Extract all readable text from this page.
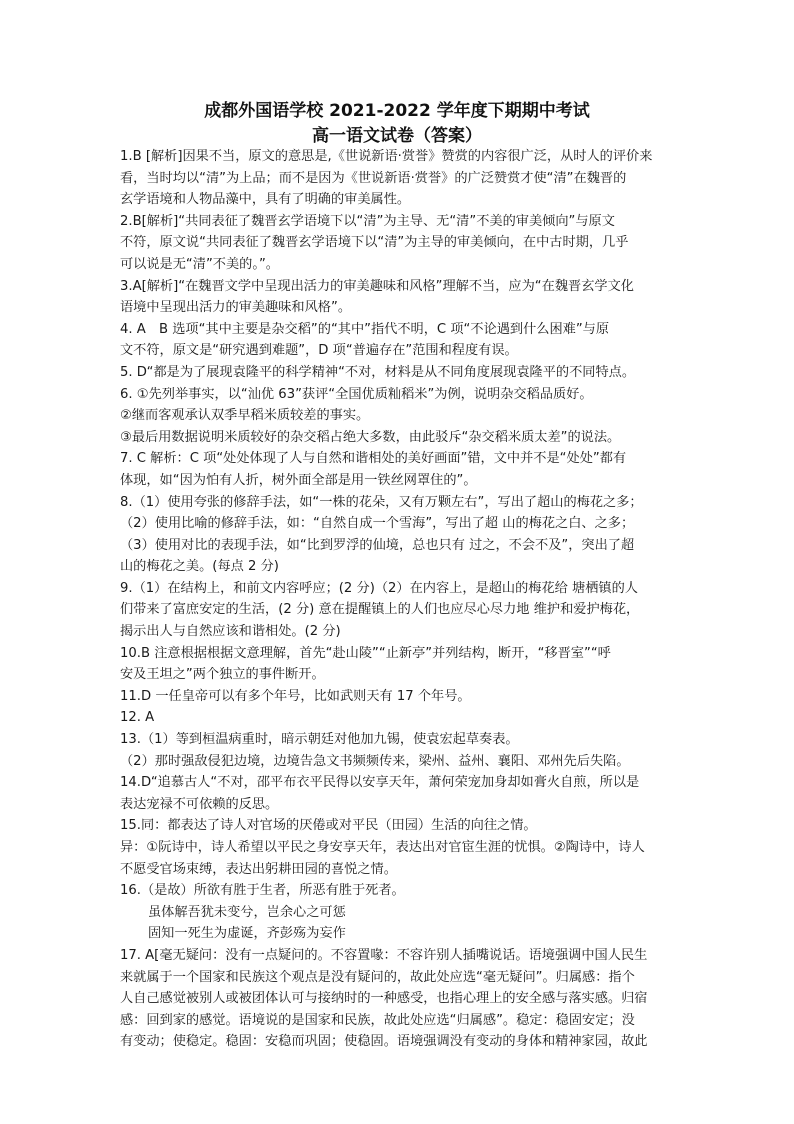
成都外国语学校 2021-2022 学年度下期期中考试
高一语文试卷（答案）
1.B [解析]因果不当，原文的意思是,《世说新语·赏誉》赞赏的内容很广泛，从时人的评价来
看，当时均以“清”为上品；而不是因为《世说新语·赏誉》的广泛赞赏才使“清”在魏晋的
玄学语境和人物品藻中，具有了明确的审美属性。
2.B[解析]“共同表征了魏晋玄学语境下以“清”为主导、无“清”不美的审美倾向”与原文
不符，原文说“共同表征了魏晋玄学语境下以“清”为主导的审美倾向，在中古时期，几乎
可以说是无“清”不美的。”。
3.A[解析]“在魏晋文学中呈现出活力的审美趣味和风格”理解不当，应为“在魏晋玄学文化
语境中呈现出活力的审美趣味和风格”。
4. A　B 选项“其中主要是杂交稻”的“其中”指代不明，C 项“不论遇到什么困难”与原
文不符，原文是“研究遇到难题”，D 项“普遍存在”范围和程度有误。
5. D“都是为了展现袁隆平的科学精神“不对，材料是从不同角度展现袁隆平的不同特点。
6. ①先列举事实，以“汕优 63”获评“全国优质籼稻米”为例，说明杂交稻品质好。
②继而客观承认双季早稻米质较差的事实。
③最后用数据说明米质较好的杂交稻占绝大多数，由此驳斥“杂交稻米质太差”的说法。
7. C 解析：C 项“处处体现了人与自然和谐相处的美好画面”错，文中并不是“处处”都有
体现，如“因为怕有人折，树外面全部是用一铁丝网罩住的”。
8.（1）使用夸张的修辞手法，如“一株的花朵，又有万颗左右”，写出了超山的梅花之多；
（2）使用比喻的修辞手法，如：“自然自成一个雪海”，写出了超 山的梅花之白、之多；
（3）使用对比的表现手法，如“比到罗浮的仙境，总也只有 过之，不会不及”，突出了超
山的梅花之美。(每点 2 分)
9.（1）在结构上，和前文内容呼应；(2 分)（2）在内容上，是超山的梅花给 塘栖镇的人
们带来了富庶安定的生活，(2 分) 意在提醒镇上的人们也应尽心尽力地 维护和爱护梅花，
揭示出人与自然应该和谐相处。(2 分)
10.B 注意根据根据文意理解，首先“赴山陵”“止新亭”并列结构，断开，“移晋室”“呼
安及王坦之”两个独立的事件断开。
11.D 一任皇帝可以有多个年号，比如武则天有 17 个年号。
12. A
13.（1）等到桓温病重时，暗示朝廷对他加九锡，使袁宏起草奏表。
（2）那时强敌侵犯边境，边境告急文书频频传来，梁州、益州、襄阳、邓州先后失陷。
14.D“追慕古人“不对，邵平布衣平民得以安享天年，萧何荣宠加身却如膏火自煎，所以是
表达宠禄不可依赖的反思。
15.同：都表达了诗人对官场的厌倦或对平民（田园）生活的向往之情。
异：①阮诗中，诗人希望以平民之身安享天年，表达出对官宦生涯的忧惧。②陶诗中，诗人
不愿受官场束缚，表达出躬耕田园的喜悦之情。
16.（是故）所欲有胜于生者，所恶有胜于死者。
虽体解吾犹未变兮，岂余心之可惩
固知一死生为虚诞，齐彭殇为妄作
17. A[毫无疑问：没有一点疑问的。不容置喙：不容许别人插嘴说话。语境强调中国人民生
来就属于一个国家和民族这个观点是没有疑问的，故此处应选“毫无疑问”。归属感：指个
人自己感觉被别人或被团体认可与接纳时的一种感受，也指心理上的安全感与落实感。归宿
感：回到家的感觉。语境说的是国家和民族，故此处应选“归属感”。稳定：稳固安定；没
有变动；使稳定。稳固：安稳而巩固；使稳固。语境强调没有变动的身体和精神家园，故此
